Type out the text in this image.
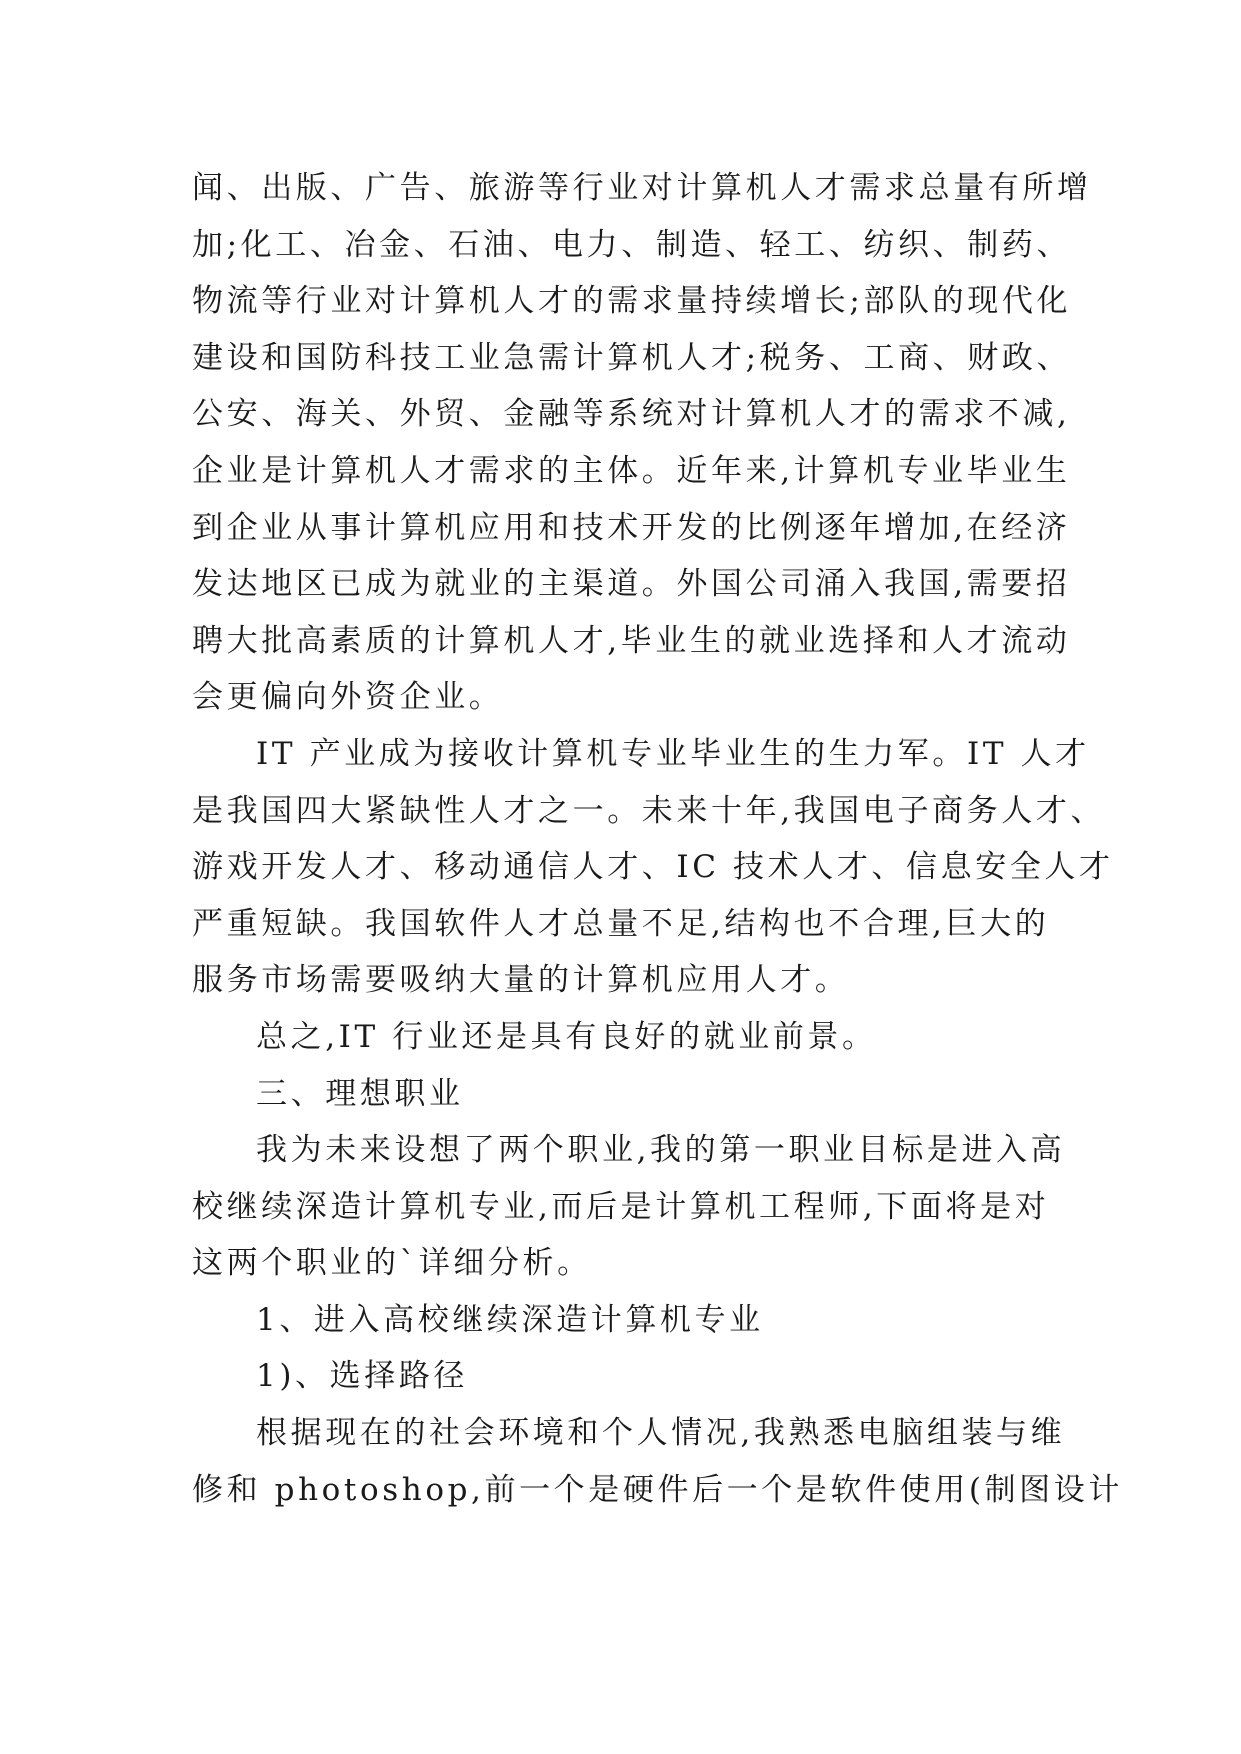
闻、出版、广告、旅游等行业对计算机人才需求总量有所增
加;化工、冶金、石油、电力、制造、轻工、纺织、制药、
物流等行业对计算机人才的需求量持续增长;部队的现代化
建设和国防科技工业急需计算机人才;税务、工商、财政、
公安、海关、外贸、金融等系统对计算机人才的需求不减,
企业是计算机人才需求的主体。近年来,计算机专业毕业生
到企业从事计算机应用和技术开发的比例逐年增加,在经济
发达地区已成为就业的主渠道。外国公司涌入我国,需要招
聘大批高素质的计算机人才,毕业生的就业选择和人才流动
会更偏向外资企业。
IT 产业成为接收计算机专业毕业生的生力军。IT 人才
是我国四大紧缺性人才之一。未来十年,我国电子商务人才、
游戏开发人才、移动通信人才、IC 技术人才、信息安全人才
严重短缺。我国软件人才总量不足,结构也不合理,巨大的
服务市场需要吸纳大量的计算机应用人才。
总之,IT 行业还是具有良好的就业前景。
三、理想职业
我为未来设想了两个职业,我的第一职业目标是进入高
校继续深造计算机专业,而后是计算机工程师,下面将是对
这两个职业的`详细分析。
1、进入高校继续深造计算机专业
1)、选择路径
根据现在的社会环境和个人情况,我熟悉电脑组装与维
修和 photoshop,前一个是硬件后一个是软件使用(制图设计
